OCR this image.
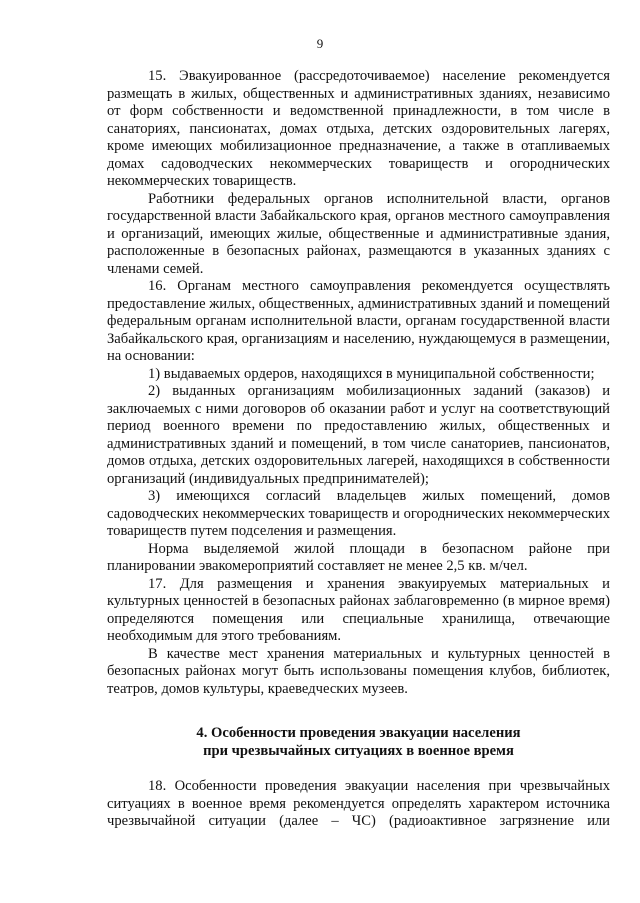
9

15. Эвакуированное (рассредоточиваемое) население рекомендуется размещать в жилых, общественных и административных зданиях, независимо от форм собственности и ведомственной принадлежности, в том числе в санаториях, пансионатах, домах отдыха, детских оздоровительных лагерях, кроме имеющих мобилизационное предназначение, а также в отапливаемых домах садоводческих некоммерческих товариществ и огороднических некоммерческих товариществ.

Работники федеральных органов исполнительной власти, органов государственной власти Забайкальского края, органов местного самоуправления и организаций, имеющих жилые, общественные и административные здания, расположенные в безопасных районах, размещаются в указанных зданиях с членами семей.

16. Органам местного самоуправления рекомендуется осуществлять предоставление жилых, общественных, административных зданий и помещений федеральным органам исполнительной власти, органам государственной власти Забайкальского края, организациям и населению, нуждающемуся в размещении, на основании:

1) выдаваемых ордеров, находящихся в муниципальной собственности;

2) выданных организациям мобилизационных заданий (заказов) и заключаемых с ними договоров об оказании работ и услуг на соответствующий период военного времени по предоставлению жилых, общественных и административных зданий и помещений, в том числе санаториев, пансионатов, домов отдыха, детских оздоровительных лагерей, находящихся в собственности организаций (индивидуальных предпринимателей);

3) имеющихся согласий владельцев жилых помещений, домов садоводческих некоммерческих товариществ и огороднических некоммерческих товариществ путем подселения и размещения.

Норма выделяемой жилой площади в безопасном районе при планировании эвакомероприятий составляет не менее 2,5 кв. м/чел.

17. Для размещения и хранения эвакуируемых материальных и культурных ценностей в безопасных районах заблаговременно (в мирное время) определяются помещения или специальные хранилища, отвечающие необходимым для этого требованиям.

В качестве мест хранения материальных и культурных ценностей в безопасных районах могут быть использованы помещения клубов, библиотек, театров, домов культуры, краеведческих музеев.

4. Особенности проведения эвакуации населения
при чрезвычайных ситуациях в военное время

18. Особенности проведения эвакуации населения при чрезвычайных ситуациях в военное время рекомендуется определять характером источника чрезвычайной ситуации (далее – ЧС) (радиоактивное загрязнение или
